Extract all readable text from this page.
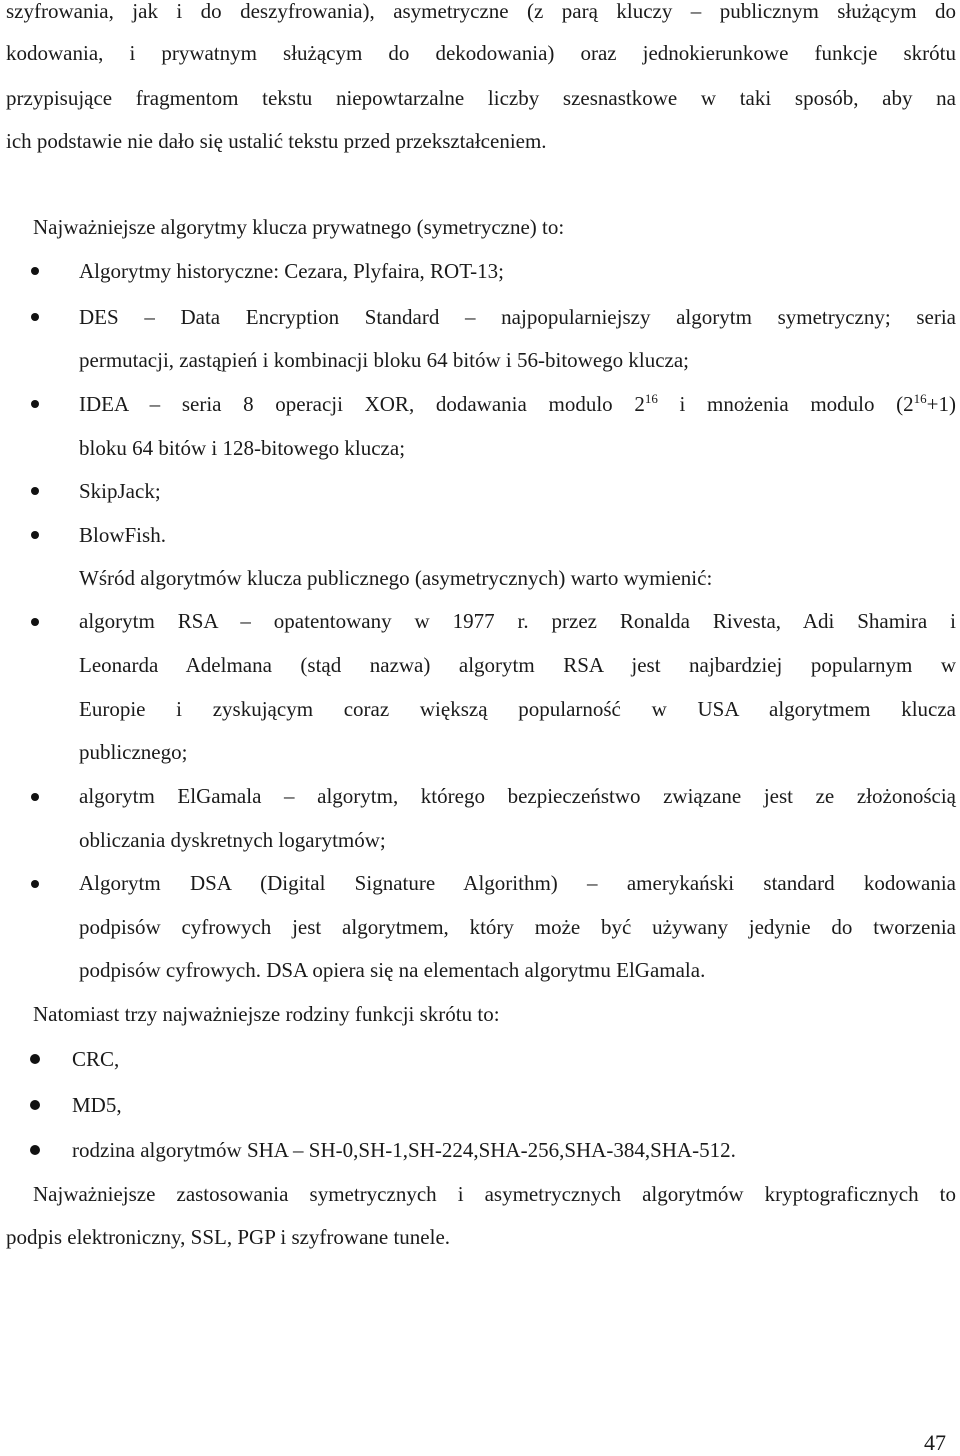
szyfrowania, jak i do deszyfrowania), asymetryczne (z parą kluczy – publicznym służącym do

kodowania, i prywatnym służącym do dekodowania) oraz jednokierunkowe funkcje skrótu

przypisujące fragmentom tekstu niepowtarzalne liczby szesnastkowe w taki sposób, aby na

ich podstawie nie dało się ustalić tekstu przed przekształceniem.

Najważniejsze algorytmy klucza prywatnego (symetryczne) to:

Algorytmy historyczne: Cezara, Plyfaira, ROT-13;

DES – Data Encryption Standard – najpopularniejszy algorytm symetryczny; seria

permutacji, zastąpień i kombinacji bloku 64 bitów i 56-bitowego klucza;

IDEA – seria 8 operacji XOR, dodawania modulo $2^{16}$ i mnożenia modulo $(2^{16}+1)$

bloku 64 bitów i 128-bitowego klucza;

SkipJack;

BlowFish.

Wśród algorytmów klucza publicznego (asymetrycznych) warto wymienić:

algorytm RSA – opatentowany w 1977 r. przez Ronalda Rivesta, Adi Shamira i

Leonarda Adelmana (stąd nazwa) algorytm RSA jest najbardziej popularnym w

Europie i zyskującym coraz większą popularność w USA algorytmem klucza

publicznego;

algorytm ElGamala – algorytm, którego bezpieczeństwo związane jest ze złożonością

obliczania dyskretnych logarytmów;

Algorytm DSA (Digital Signature Algorithm) – amerykański standard kodowania

podpisów cyfrowych jest algorytmem, który może być używany jedynie do tworzenia

podpisów cyfrowych. DSA opiera się na elementach algorytmu ElGamala.

Natomiast trzy najważniejsze rodziny funkcji skrótu to:

CRC,

MD5,

rodzina algorytmów SHA – SH-0,SH-1,SH-224,SHA-256,SHA-384,SHA-512.

Najważniejsze zastosowania symetrycznych i asymetrycznych algorytmów kryptograficznych to

podpis elektroniczny, SSL, PGP i szyfrowane tunele.

47
